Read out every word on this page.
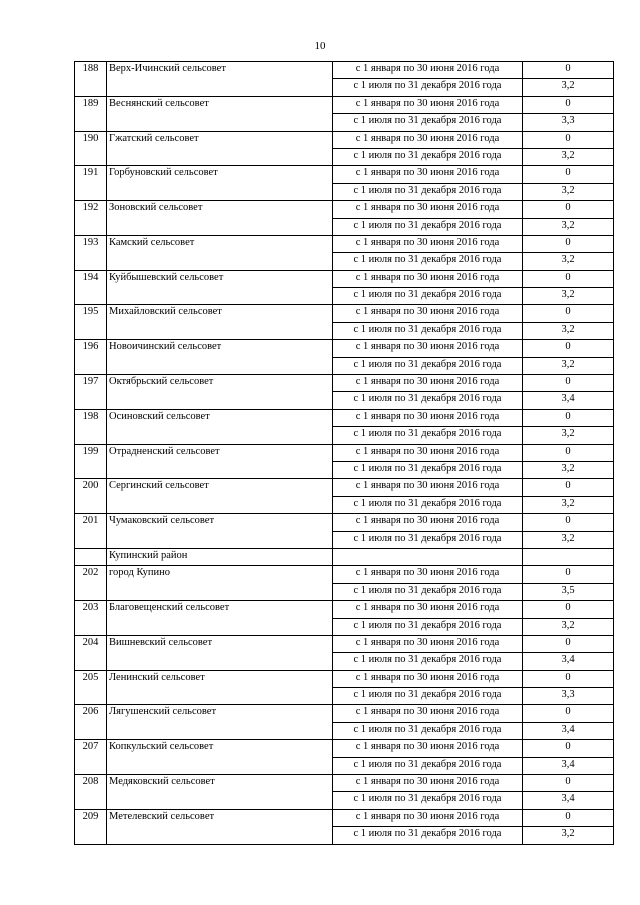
10
188	Верх-Ичинский сельсовет	с 1 января по 30 июня 2016 года	0
		с 1 июля по 31 декабря 2016 года	3,2
189	Веснянский сельсовет	с 1 января по 30 июня 2016 года	0
		с 1 июля по 31 декабря 2016 года	3,3
190	Гжатский сельсовет	с 1 января по 30 июня 2016 года	0
		с 1 июля по 31 декабря 2016 года	3,2
191	Горбуновский сельсовет	с 1 января по 30 июня 2016 года	0
		с 1 июля по 31 декабря 2016 года	3,2
192	Зоновский сельсовет	с 1 января по 30 июня 2016 года	0
		с 1 июля по 31 декабря 2016 года	3,2
193	Камский сельсовет	с 1 января по 30 июня 2016 года	0
		с 1 июля по 31 декабря 2016 года	3,2
194	Куйбышевский сельсовет	с 1 января по 30 июня 2016 года	0
		с 1 июля по 31 декабря 2016 года	3,2
195	Михайловский сельсовет	с 1 января по 30 июня 2016 года	0
		с 1 июля по 31 декабря 2016 года	3,2
196	Новоичинский сельсовет	с 1 января по 30 июня 2016 года	0
		с 1 июля по 31 декабря 2016 года	3,2
197	Октябрьский сельсовет	с 1 января по 30 июня 2016 года	0
		с 1 июля по 31 декабря 2016 года	3,4
198	Осиновский сельсовет	с 1 января по 30 июня 2016 года	0
		с 1 июля по 31 декабря 2016 года	3,2
199	Отрадненский сельсовет	с 1 января по 30 июня 2016 года	0
		с 1 июля по 31 декабря 2016 года	3,2
200	Сергинский сельсовет	с 1 января по 30 июня 2016 года	0
		с 1 июля по 31 декабря 2016 года	3,2
201	Чумаковский сельсовет	с 1 января по 30 июня 2016 года	0
		с 1 июля по 31 декабря 2016 года	3,2
	Купинский район		
202	город Купино	с 1 января по 30 июня 2016 года	0
		с 1 июля по 31 декабря 2016 года	3,5
203	Благовещенский сельсовет	с 1 января по 30 июня 2016 года	0
		с 1 июля по 31 декабря 2016 года	3,2
204	Вишневский сельсовет	с 1 января по 30 июня 2016 года	0
		с 1 июля по 31 декабря 2016 года	3,4
205	Ленинский сельсовет	с 1 января по 30 июня 2016 года	0
		с 1 июля по 31 декабря 2016 года	3,3
206	Лягушенский сельсовет	с 1 января по 30 июня 2016 года	0
		с 1 июля по 31 декабря 2016 года	3,4
207	Копкульский сельсовет	с 1 января по 30 июня 2016 года	0
		с 1 июля по 31 декабря 2016 года	3,4
208	Медяковский сельсовет	с 1 января по 30 июня 2016 года	0
		с 1 июля по 31 декабря 2016 года	3,4
209	Метелевский сельсовет	с 1 января по 30 июня 2016 года	0
		с 1 июля по 31 декабря 2016 года	3,2
